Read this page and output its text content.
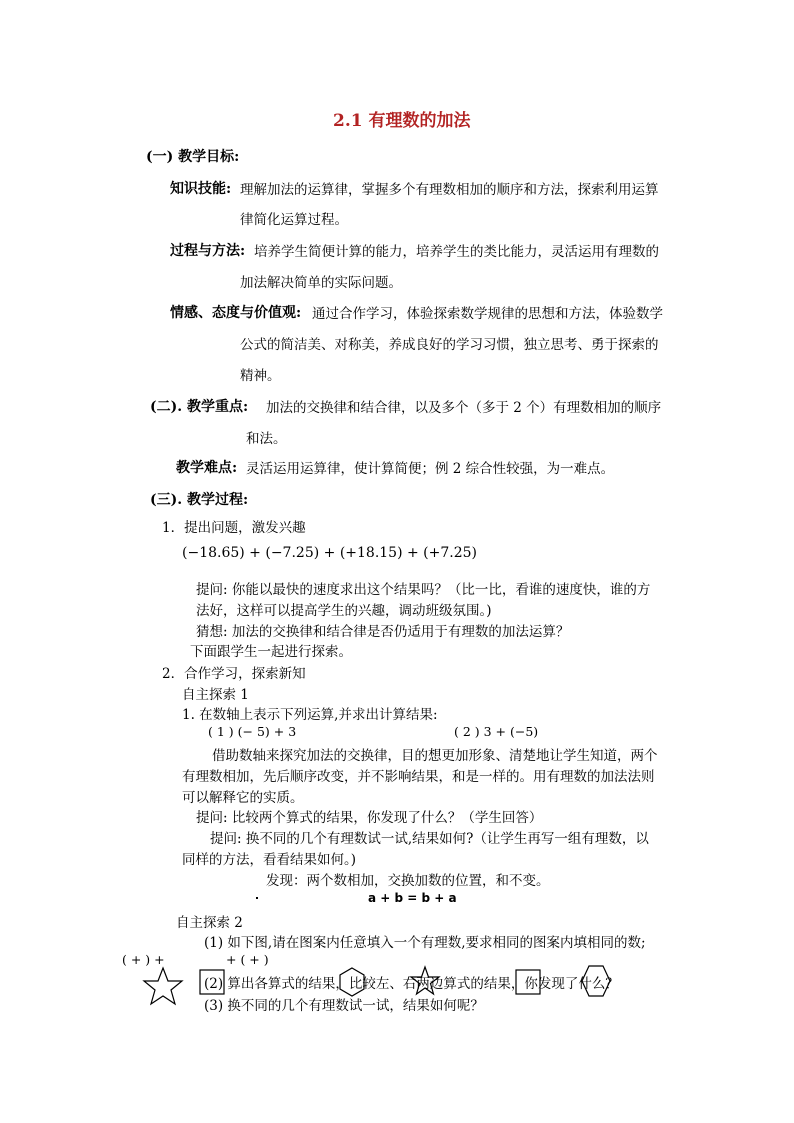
2.1 有理数的加法
(一) 教学目标:
知识技能: 理解加法的运算律，掌握多个有理数相加的顺序和方法，探索利用运算
律简化运算过程。
过程与方法: 培养学生简便计算的能力，培养学生的类比能力，灵活运用有理数的
加法解决简单的实际问题。
情感、态度与价值观: 通过合作学习，体验探索数学规律的思想和方法，体验数学
公式的简洁美、对称美，养成良好的学习习惯，独立思考、勇于探索的
精神。
(二). 教学重点: 加法的交换律和结合律，以及多个（多于 2 个）有理数相加的顺序
和法。
教学难点: 灵活运用运算律，使计算简便；例 2 综合性较强，为一难点。
(三). 教学过程:
1．提出问题，激发兴趣
(−18.65) + (−7.25) + (+18.15) + (+7.25)
提问: 你能以最快的速度求出这个结果吗？（比一比，看谁的速度快，谁的方
法好，这样可以提高学生的兴趣，调动班级氛围。)
猜想: 加法的交换律和结合律是否仍适用于有理数的加法运算？
下面跟学生一起进行探索。
2．合作学习，探索新知
自主探索 1
1. 在数轴上表示下列运算,并求出计算结果:
( 1 ) (− 5) + 3	( 2 ) 3 + (−5)
借助数轴来探究加法的交换律，目的想更加形象、清楚地让学生知道，两个
有理数相加，先后顺序改变，并不影响结果，和是一样的。用有理数的加法法则
可以解释它的实质。
提问: 比较两个算式的结果，你发现了什么？（学生回答）
提问: 换不同的几个有理数试一试,结果如何?（让学生再写一组有理数，以
同样的方法，看看结果如何。)
发现：两个数相加，交换加数的位置，和不变。
a + b = b + a
自主探索 2
(1) 如下图,请在图案内任意填入一个有理数,要求相同的图案内填相同的数;
( + ) +	+ ( + )
(2) 算出各算式的结果，比较左、右两边算式的结果，你发现了什么？
(3) 换不同的几个有理数试一试，结果如何呢？
